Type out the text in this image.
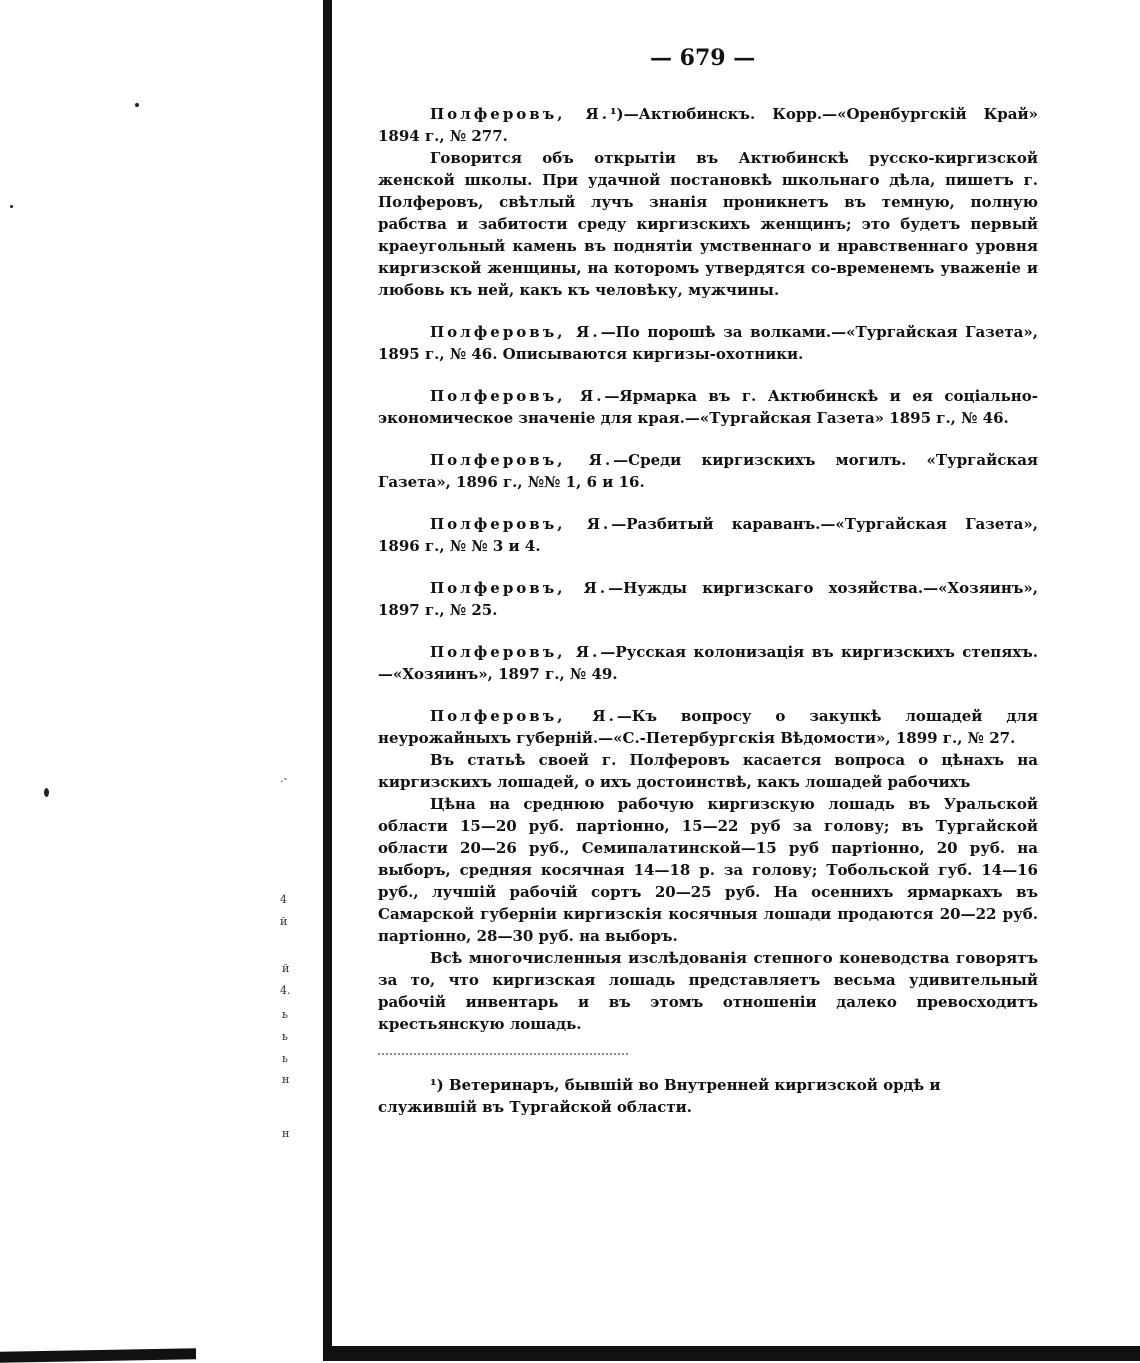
н
н
ь
ь
ь
й
4.
й
.-
4
— 679 —

Полферовъ, Я.¹)—Актюбинскъ. Корр.—«Оренбургскій Край» 1894 г., № 277.

Говорится объ открытіи въ Актюбинскѣ русско-киргизской женской школы. При удачной постановкѣ школьнаго дѣла, пишетъ г. Полферовъ, свѣтлый лучъ знанія проникнетъ въ темную, полную рабства и забитости среду киргизскихъ женщинъ; это будетъ первый краеугольный камень въ поднятіи умственнаго и нравственнаго уровня киргизской женщины, на которомъ утвердятся со-временемъ уваженіе и любовь къ ней, какъ къ человѣку, мужчины.

Полферовъ, Я.—По порошѣ за волками.—«Тургайская Газета», 1895 г., № 46. Описываются киргизы-охотники.

Полферовъ, Я.—Ярмарка въ г. Актюбинскѣ и ея соціально-экономическое значеніе для края.—«Тургайская Газета» 1895 г., № 46.

Полферовъ, Я.—Среди киргизскихъ могилъ. «Тургайская Газета», 1896 г., №№ 1, 6 и 16.

Полферовъ, Я.—Разбитый караванъ.—«Тургайская Газета», 1896 г., № № 3 и 4.

Полферовъ, Я.—Нужды киргизскаго хозяйства.—«Хозяинъ», 1897 г., № 25.

Полферовъ, Я.—Русская колонизація въ киргизскихъ степяхъ.—«Хозяинъ», 1897 г., № 49.

Полферовъ, Я.—Къ вопросу о закупкѣ лошадей для неурожайныхъ губерній.—«С.-Петербургскія Вѣдомости», 1899 г., № 27.

Въ статьѣ своей г. Полферовъ касается вопроса о цѣнахъ на киргизскихъ лошадей, о ихъ достоинствѣ, какъ лошадей рабочихъ

Цѣна на среднюю рабочую киргизскую лошадь въ Уральской области 15—20 руб. партіонно, 15—22 руб за голову; въ Тургайской области 20—26 руб., Семипалатинской—15 руб партіонно, 20 руб. на выборъ, средняя косячная 14—18 р. за голову; Тобольской губ. 14—16 руб., лучшій рабочій сортъ 20—25 руб. На осеннихъ ярмаркахъ въ Самарской губерніи киргизскія косячныя лошади продаются 20—22 руб. партіонно, 28—30 руб. на выборъ.

Всѣ многочисленныя изслѣдованія степного коневодства говорятъ за то, что киргизская лошадь представляетъ весьма удивительный рабочій инвентарь и въ этомъ отношеніи далеко превосходитъ крестьянскую лошадь.

¹) Ветеринаръ, бывшій во Внутренней киргизской ордѣ и служившій въ Тургайской области.
